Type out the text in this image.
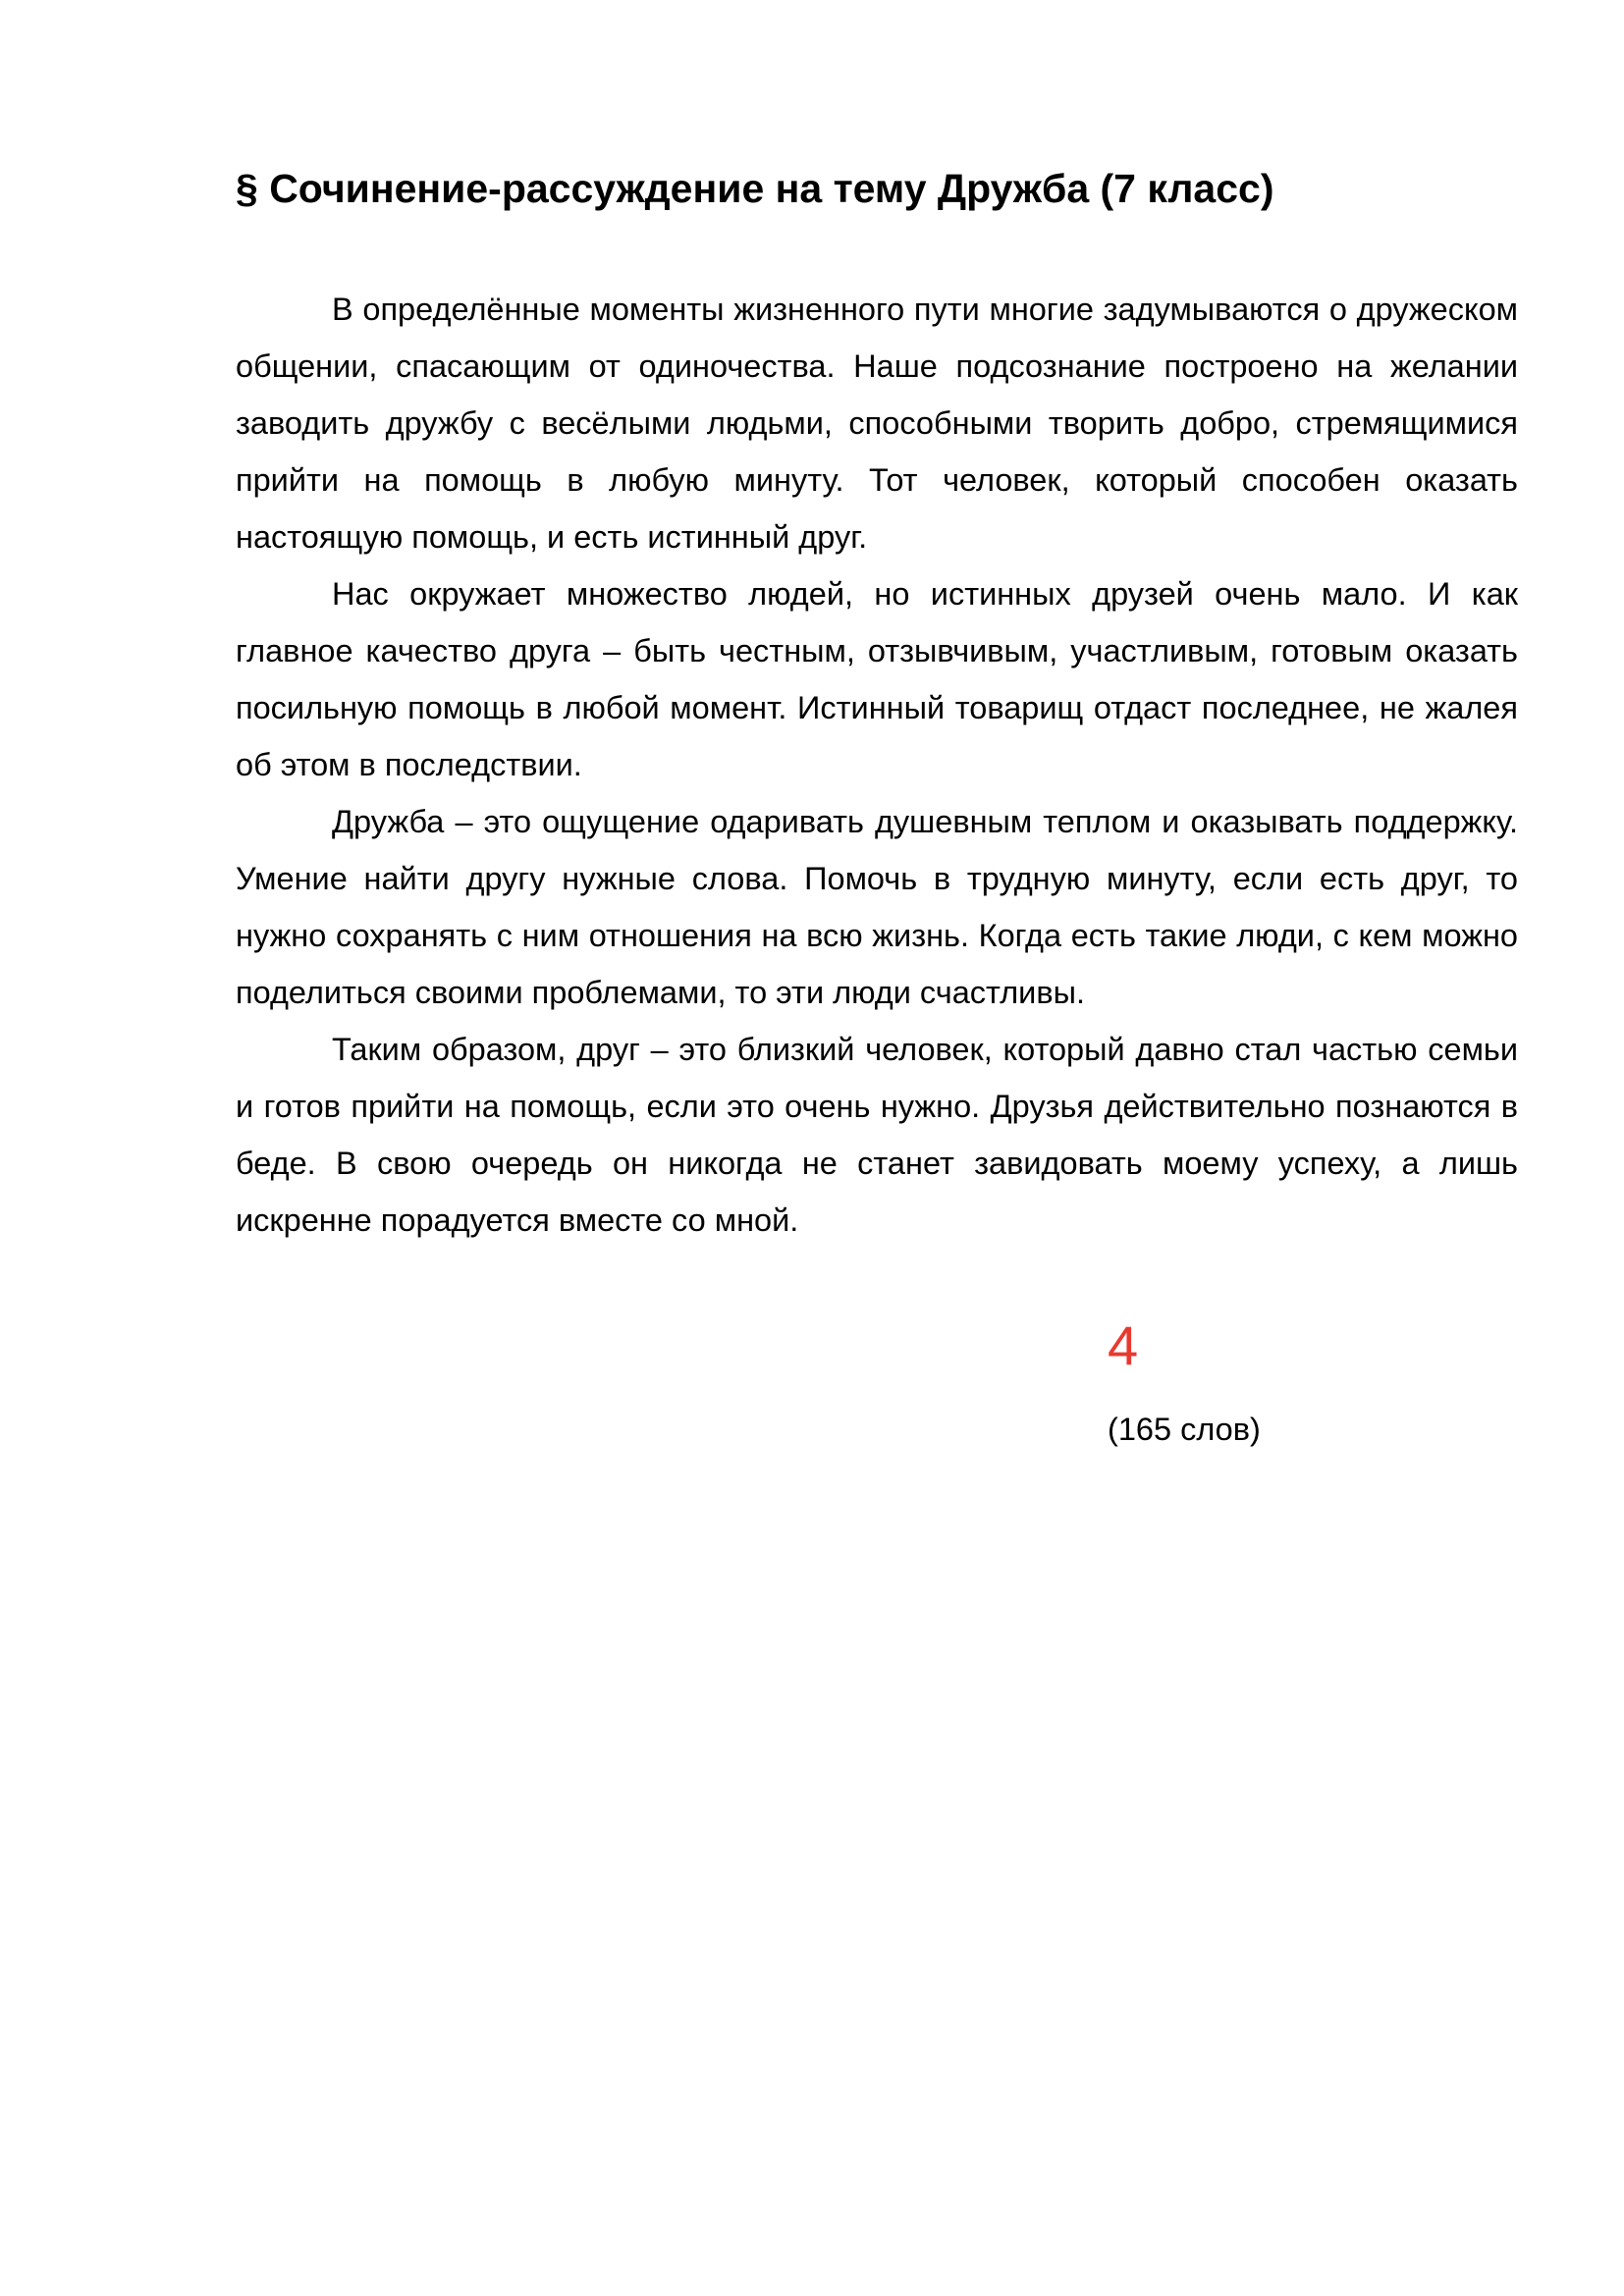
§ Сочинение-рассуждение на тему Дружба (7 класс)

В определённые моменты жизненного пути многие задумываются о дружеском общении, спасающим от одиночества. Наше подсознание построено на желании заводить дружбу с весёлыми людьми, способными творить добро, стремящимися прийти на помощь в любую минуту. Тот человек, который способен оказать настоящую помощь, и есть истинный друг.

Нас окружает множество людей, но истинных друзей очень мало. И как главное качество друга – быть честным, отзывчивым, участливым, готовым оказать посильную помощь в любой момент. Истинный товарищ отдаст последнее, не жалея об этом в последствии.

Дружба – это ощущение одаривать душевным теплом и оказывать поддержку. Умение найти другу нужные слова. Помочь в трудную минуту, если есть друг, то нужно сохранять с ним отношения на всю жизнь. Когда есть такие люди, с кем можно поделиться своими проблемами, то эти люди счастливы.

Таким образом, друг – это близкий человек, который давно стал частью семьи и готов прийти на помощь, если это очень нужно. Друзья действительно познаются в беде. В свою очередь он никогда не станет завидовать моему успеху, а лишь искренне порадуется вместе со мной.

4
(165 слов)
